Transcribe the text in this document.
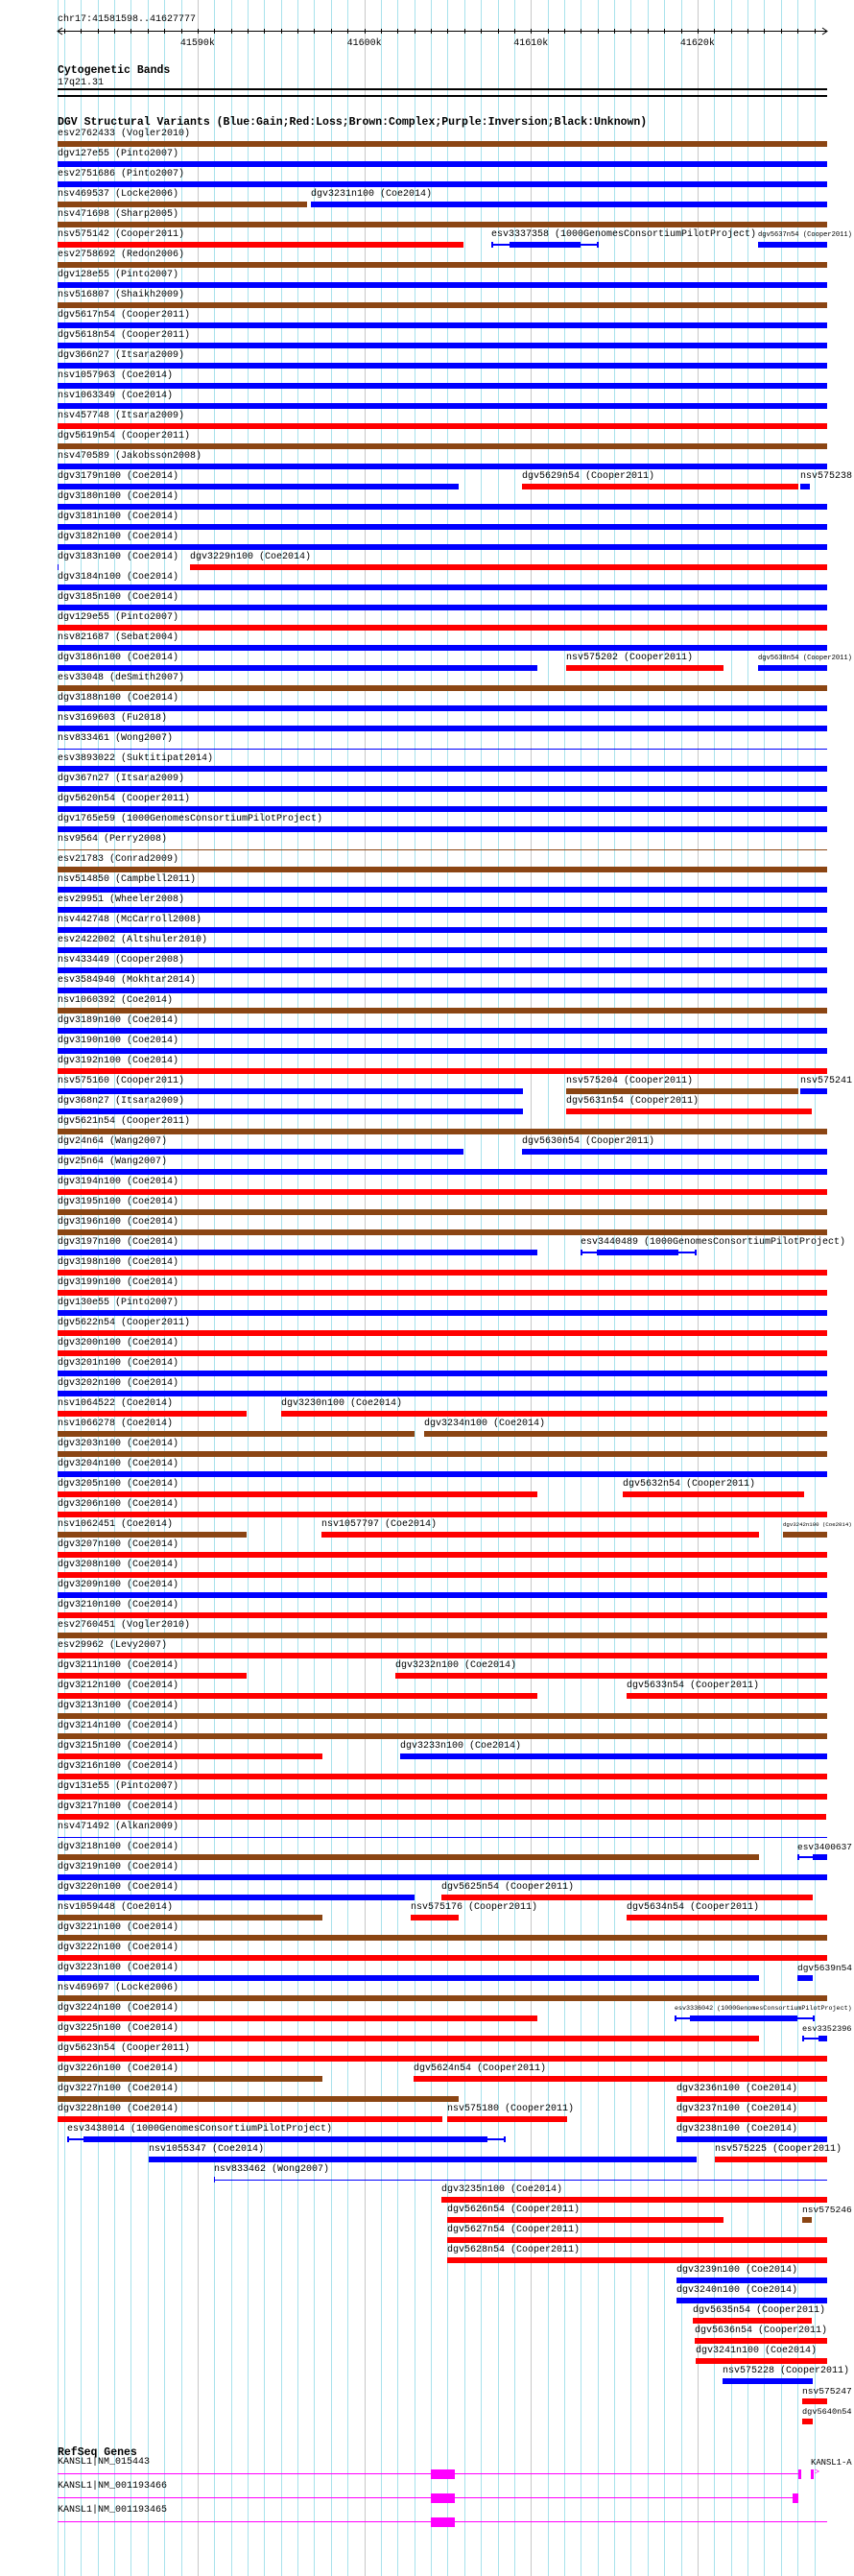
chr17:41581598..41627777
41590k	41600k	41610k	41620k
Cytogenetic Bands
17q21.31
DGV Structural Variants (Blue:Gain;Red:Loss;Brown:Complex;Purple:Inversion;Black:Unknown)
esv2762433 (Vogler2010)
dgv127e55 (Pinto2007)
esv2751686 (Pinto2007)
nsv469537 (Locke2006)	dgv3231n100 (Coe2014)
nsv471698 (Sharp2005)
nsv575142 (Cooper2011)	esv3337358 (1000GenomesConsortiumPilotProject) dgv5637n54 (Cooper2011)
esv2758692 (Redon2006)
dgv128e55 (Pinto2007)
nsv516807 (Shaikh2009)
dgv5617n54 (Cooper2011)
dgv5618n54 (Cooper2011)
dgv366n27 (Itsara2009)
nsv1057963 (Coe2014)
nsv1063349 (Coe2014)
nsv457748 (Itsara2009)
dgv5619n54 (Cooper2011)
nsv470589 (Jakobsson2008)
dgv3179n100 (Coe2014)	dgv5629n54 (Cooper2011)	nsv575238
dgv3180n100 (Coe2014)
dgv3181n100 (Coe2014)
dgv3182n100 (Coe2014)
dgv3183n100 (Coe2014) dgv3229n100 (Coe2014)
dgv3184n100 (Coe2014)
dgv3185n100 (Coe2014)
dgv129e55 (Pinto2007)
nsv821687 (Sebat2004)
dgv3186n100 (Coe2014)	nsv575202 (Cooper2011)	dgv5638n54 (Cooper2011)
esv33048 (deSmith2007)
dgv3188n100 (Coe2014)
nsv3169603 (Fu2018)
nsv833461 (Wong2007)
esv3893022 (Suktitipat2014)
dgv367n27 (Itsara2009)
dgv5620n54 (Cooper2011)
dgv1765e59 (1000GenomesConsortiumPilotProject)
nsv9564 (Perry2008)
esv21783 (Conrad2009)
nsv514850 (Campbell2011)
esv29951 (Wheeler2008)
nsv442748 (McCarroll2008)
esv2422002 (Altshuler2010)
nsv433449 (Cooper2008)
esv3584940 (Mokhtar2014)
nsv1060392 (Coe2014)
dgv3189n100 (Coe2014)
dgv3190n100 (Coe2014)
dgv3192n100 (Coe2014)
nsv575160 (Cooper2011)	nsv575204 (Cooper2011)	nsv575241
dgv368n27 (Itsara2009)	dgv5631n54 (Cooper2011)
dgv5621n54 (Cooper2011)
dgv24n64 (Wang2007)	dgv5630n54 (Cooper2011)
dgv25n64 (Wang2007)
dgv3194n100 (Coe2014)
dgv3195n100 (Coe2014)
dgv3196n100 (Coe2014)
dgv3197n100 (Coe2014)	esv3440489 (1000GenomesConsortiumPilotProject)
dgv3198n100 (Coe2014)
dgv3199n100 (Coe2014)
dgv130e55 (Pinto2007)
dgv5622n54 (Cooper2011)
dgv3200n100 (Coe2014)
dgv3201n100 (Coe2014)
dgv3202n100 (Coe2014)
nsv1064522 (Coe2014)	dgv3230n100 (Coe2014)
nsv1066278 (Coe2014)	dgv3234n100 (Coe2014)
dgv3203n100 (Coe2014)
dgv3204n100 (Coe2014)
dgv3205n100 (Coe2014)	dgv5632n54 (Cooper2011)
dgv3206n100 (Coe2014)
nsv1062451 (Coe2014)	nsv1057797 (Coe2014)	dgv3242n100 (Coe2014)
dgv3207n100 (Coe2014)
dgv3208n100 (Coe2014)
dgv3209n100 (Coe2014)
dgv3210n100 (Coe2014)
esv2760451 (Vogler2010)
esv29962 (Levy2007)
dgv3211n100 (Coe2014)	dgv3232n100 (Coe2014)
dgv3212n100 (Coe2014)	dgv5633n54 (Cooper2011)
dgv3213n100 (Coe2014)
dgv3214n100 (Coe2014)
dgv3215n100 (Coe2014)	dgv3233n100 (Coe2014)
dgv3216n100 (Coe2014)
dgv131e55 (Pinto2007)
dgv3217n100 (Coe2014)
nsv471492 (Alkan2009)
dgv3218n100 (Coe2014)	esv3400637
dgv3219n100 (Coe2014)
dgv3220n100 (Coe2014)	dgv5625n54 (Cooper2011)
nsv1059448 (Coe2014)	nsv575176 (Cooper2011)	dgv5634n54 (Cooper2011)
dgv3221n100 (Coe2014)
dgv3222n100 (Coe2014)
dgv3223n100 (Coe2014)	dgv5639n54
nsv469697 (Locke2006)
dgv3224n100 (Coe2014)	esv3336042 (1000GenomesConsortiumPilotProject)
dgv3225n100 (Coe2014)	esv3352396
dgv5623n54 (Cooper2011)
dgv3226n100 (Coe2014)	dgv5624n54 (Cooper2011)
dgv3227n100 (Coe2014)	dgv3236n100 (Coe2014)
dgv3228n100 (Coe2014)	nsv575180 (Cooper2011)	dgv3237n100 (Coe2014)
esv3438014 (1000GenomesConsortiumPilotProject)	dgv3238n100 (Coe2014)
nsv1055347 (Coe2014)	nsv575225 (Cooper2011)
nsv833462 (Wong2007)
dgv3235n100 (Coe2014)
dgv5626n54 (Cooper2011)	nsv575246
dgv5627n54 (Cooper2011)
dgv5628n54 (Cooper2011)
dgv3239n100 (Coe2014)
dgv3240n100 (Coe2014)
dgv5635n54 (Cooper2011)
dgv5636n54 (Cooper2011)
dgv3241n100 (Coe2014)
nsv575228 (Cooper2011)
nsv575247
dgv5640n54
RefSeq Genes
KANSL1|NM_015443	KANSL1-A
>
KANSL1|NM_001193466
KANSL1|NM_001193465
